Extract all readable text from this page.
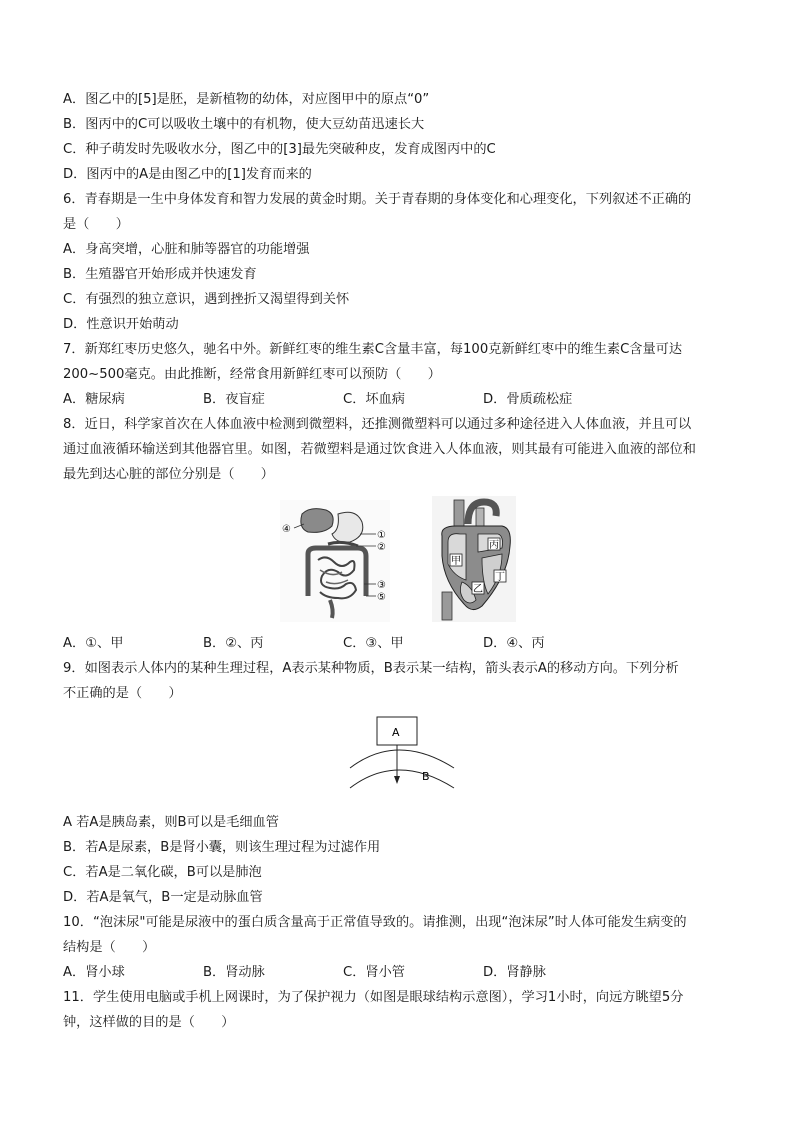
A．图乙中的[5]是胚，是新植物的幼体，对应图甲中的原点“0”
B．图丙中的C可以吸收土壤中的有机物，使大豆幼苗迅速长大
C．种子萌发时先吸收水分，图乙中的[3]最先突破种皮，发育成图丙中的C
D．图丙中的A是由图乙中的[1]发育而来的
6．青春期是一生中身体发育和智力发展的黄金时期。关于青春期的身体变化和心理变化，下列叙述不正确的
是（　　）
A．身高突增，心脏和肺等器官的功能增强
B．生殖器官开始形成并快速发育
C．有强烈的独立意识，遇到挫折又渴望得到关怀
D．性意识开始萌动
7．新郑红枣历史悠久，驰名中外。新鲜红枣的维生素C含量丰富，每100克新鲜红枣中的维生素C含量可达
200~500毫克。由此推断，经常食用新鲜红枣可以预防（　　）
A．糖尿病	B．夜盲症	C．坏血病	D．骨质疏松症
8．近日，科学家首次在人体血液中检测到微塑料，还推测微塑料可以通过多种途径进入人体血液，并且可以
通过血液循环输送到其他器官里。如图，若微塑料是通过饮食进入人体血液，则其最有可能进入血液的部位和
最先到达心脏的部位分别是（　　）
④
①
②
③
⑤
甲
乙
丙
丁
A．①、甲	B．②、丙	C．③、甲	D．④、丙
9．如图表示人体内的某种生理过程，A表示某种物质，B表示某一结构，箭头表示A的移动方向。下列分析
不正确的是（　　）
A
B
A 若A是胰岛素，则B可以是毛细血管
B．若A是尿素，B是肾小囊，则该生理过程为过滤作用
C．若A是二氧化碳，B可以是肺泡
D．若A是氧气，B一定是动脉血管
10．“泡沫尿"可能是尿液中的蛋白质含量高于正常值导致的。请推测，出现“泡沫尿”时人体可能发生病变的
结构是（　　）
A．肾小球	B．肾动脉	C．肾小管	D．肾静脉
11．学生使用电脑或手机上网课时，为了保护视力（如图是眼球结构示意图），学习1小时，向远方眺望5分
钟，这样做的目的是（　　）
